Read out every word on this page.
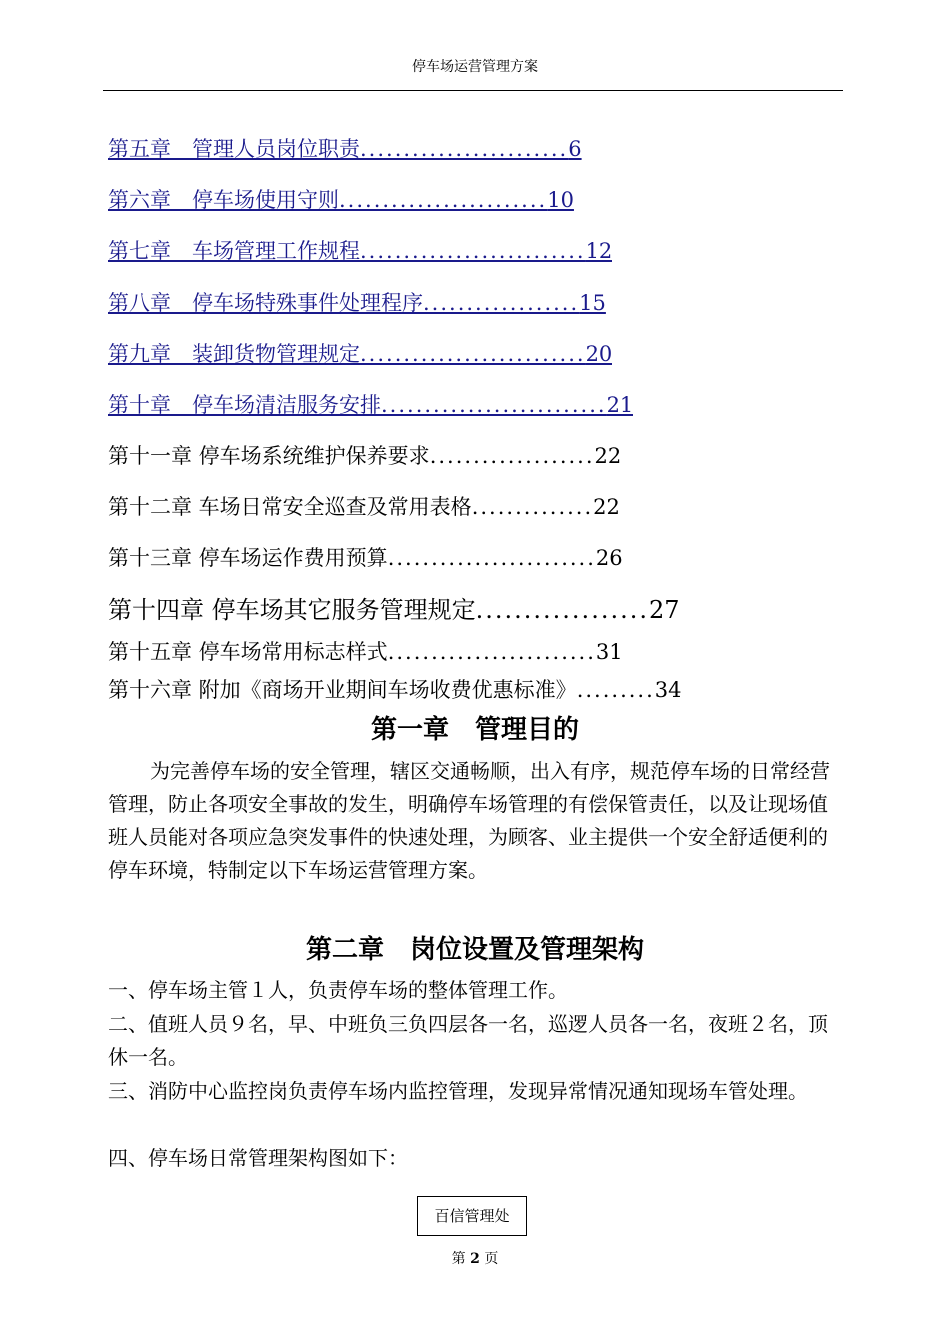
停车场运营管理方案
第五章　管理人员岗位职责........................6
第六章　停车场使用守则........................10
第七章　车场管理工作规程..........................12
第八章　停车场特殊事件处理程序..................15
第九章　装卸货物管理规定..........................20
第十章　停车场清洁服务安排..........................21
第十一章 停车场系统维护保养要求...................22
第十二章 车场日常安全巡查及常用表格..............22
第十三章 停车场运作费用预算........................26
第十四章 停车场其它服务管理规定..................27
第十五章 停车场常用标志样式........................31
第十六章 附加《商场开业期间车场收费优惠标准》.........34
第一章　管理目的
为完善停车场的安全管理，辖区交通畅顺，出入有序，规范停车场的日常经营管理，防止各项安全事故的发生，明确停车场管理的有偿保管责任，以及让现场值班人员能对各项应急突发事件的快速处理，为顾客、业主提供一个安全舒适便利的停车环境，特制定以下车场运营管理方案。
第二章　岗位设置及管理架构
一、停车场主管１人，负责停车场的整体管理工作。
二、值班人员９名，早、中班负三负四层各一名，巡逻人员各一名，夜班２名，顶休一名。
三、消防中心监控岗负责停车场内监控管理，发现异常情况通知现场车管处理。
四、停车场日常管理架构图如下：
百信管理处
第 2 页
